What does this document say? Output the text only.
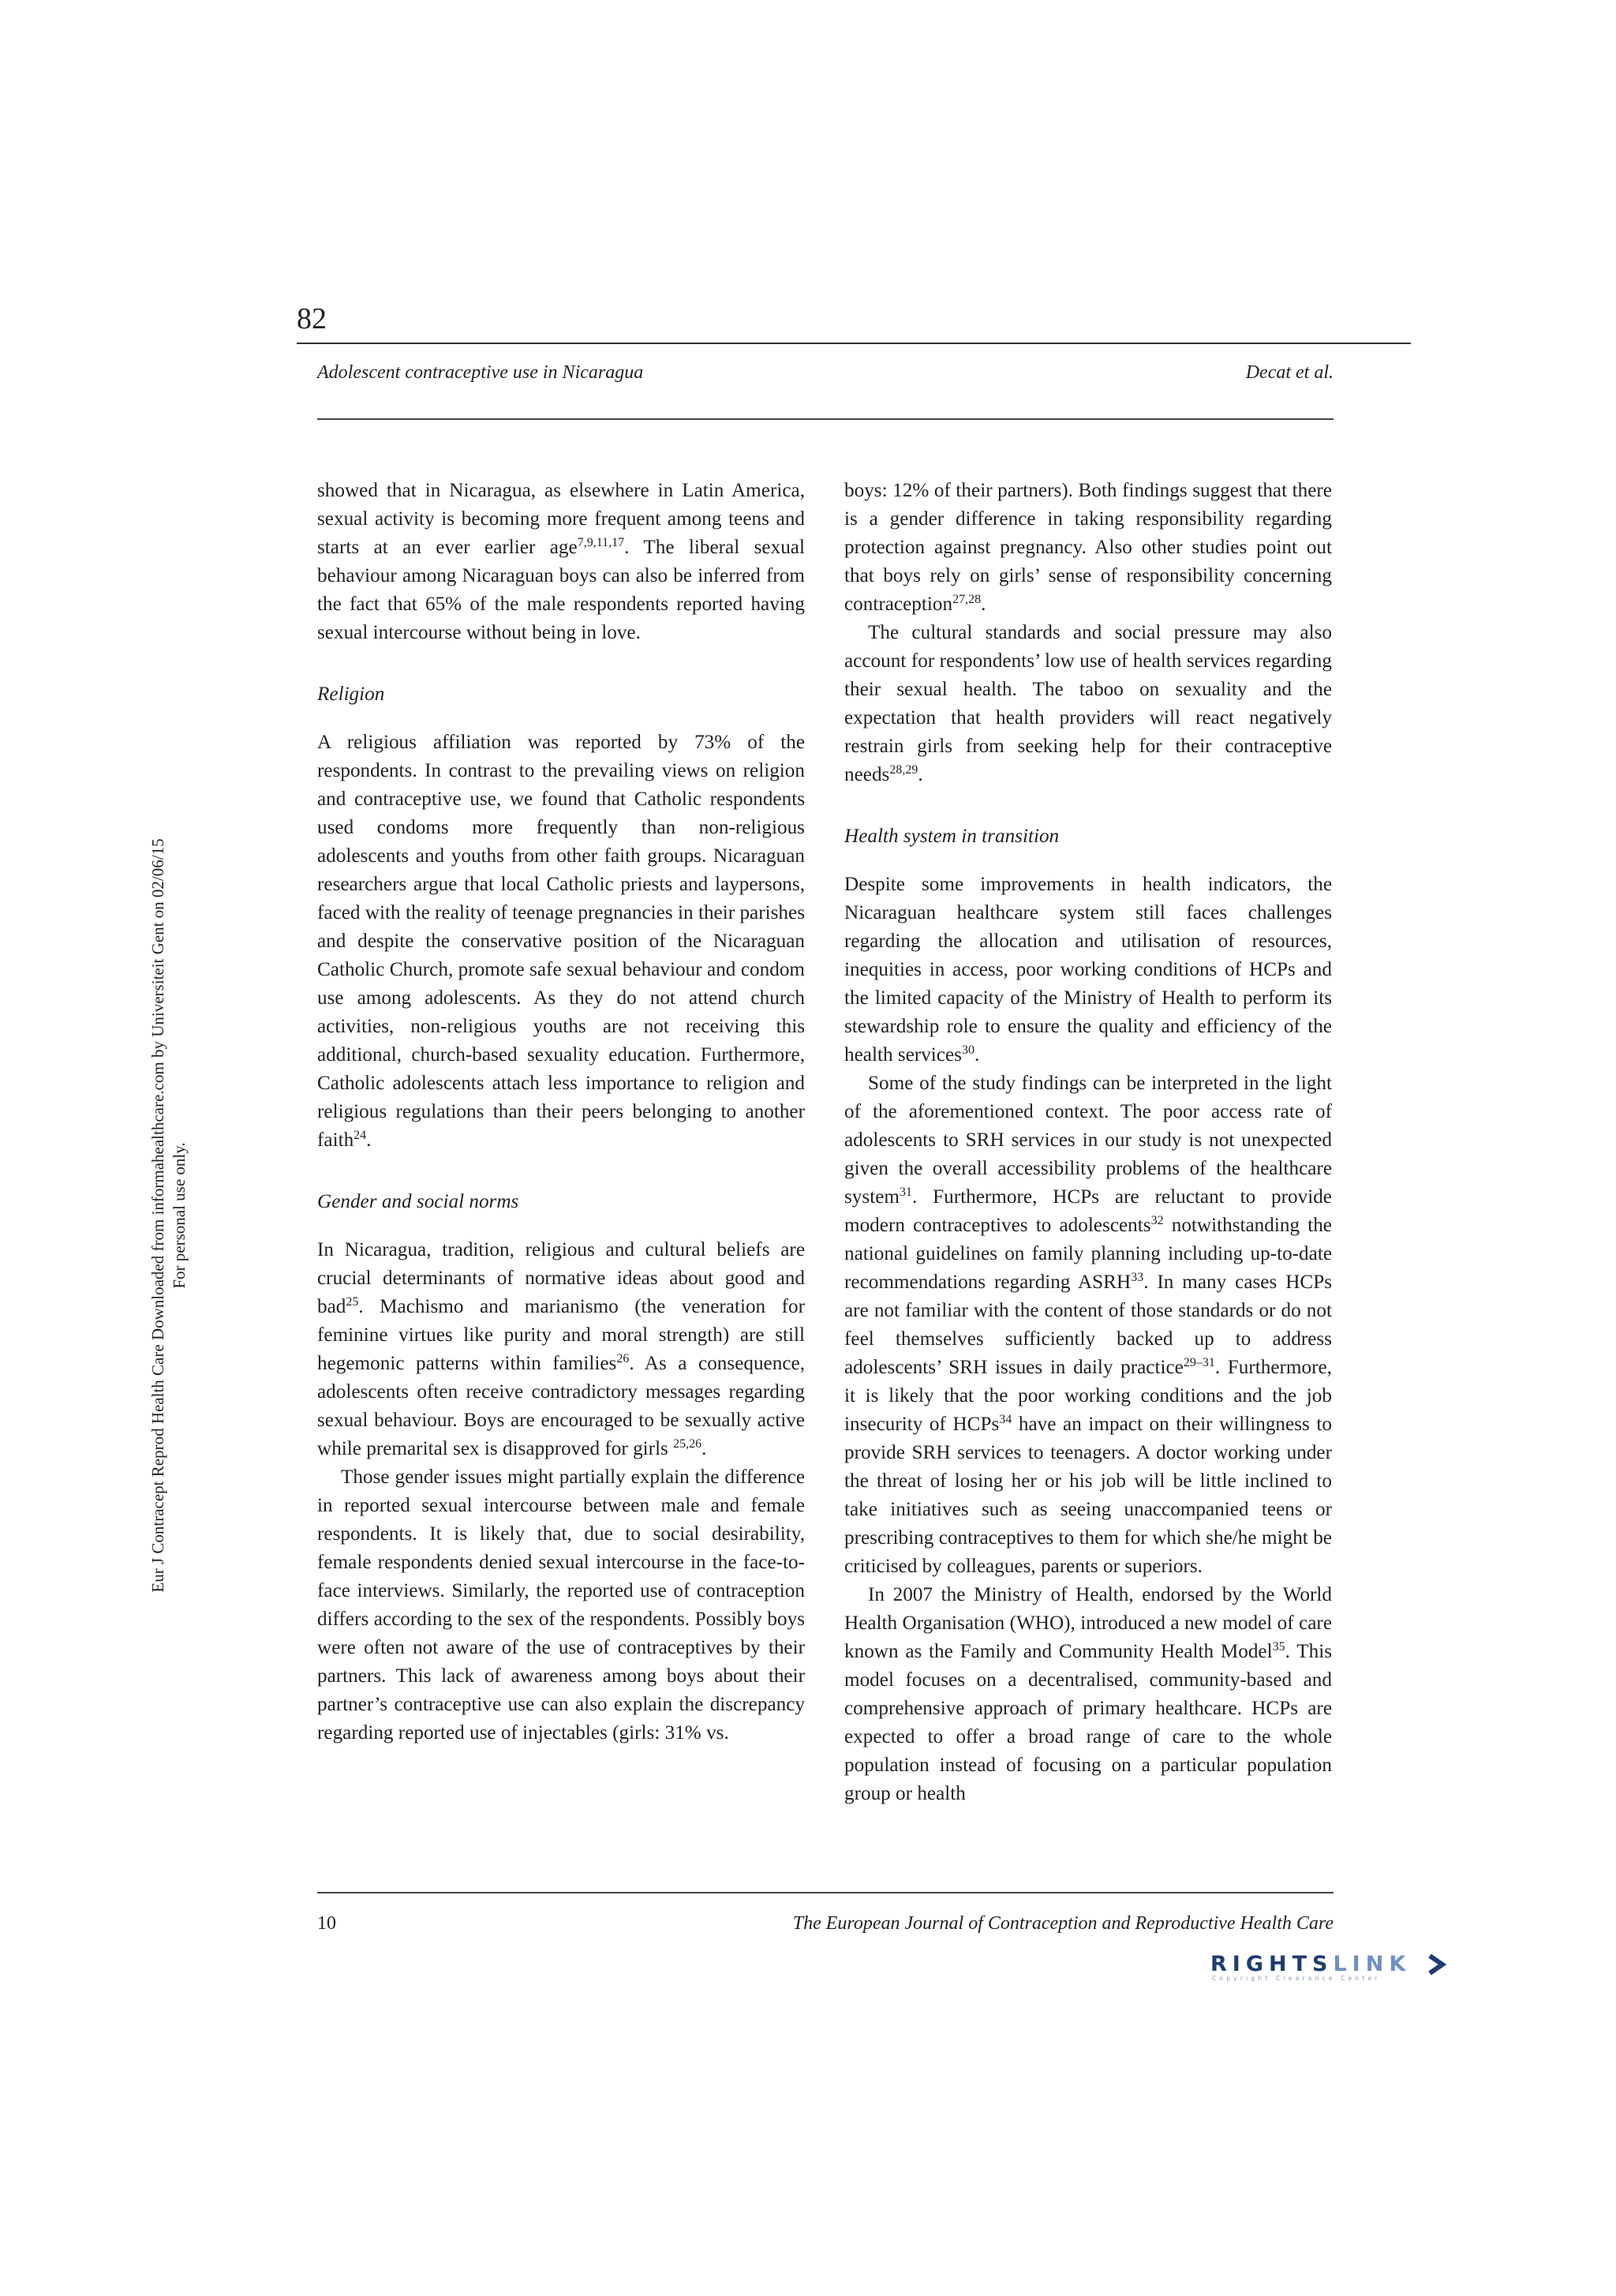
82
Adolescent contraceptive use in Nicaragua	Decat et al.
Eur J Contracept Reprod Health Care Downloaded from informahealthcare.com by Universiteit Gent on 02/06/15 For personal use only.

showed that in Nicaragua, as elsewhere in Latin America, sexual activity is becoming more frequent among teens and starts at an ever earlier age$^{7,9,11,17}$. The liberal sexual behaviour among Nicaraguan boys can also be inferred from the fact that 65% of the male respondents reported having sexual intercourse without being in love.

Religion

A religious affiliation was reported by 73% of the respondents. In contrast to the prevailing views on religion and contraceptive use, we found that Catholic respondents used condoms more frequently than non-religious adolescents and youths from other faith groups. Nicaraguan researchers argue that local Catholic priests and laypersons, faced with the reality of teenage pregnancies in their parishes and despite the conservative position of the Nicaraguan Catholic Church, promote safe sexual behaviour and condom use among adolescents. As they do not attend church activities, non-religious youths are not receiving this additional, church-based sexuality education. Furthermore, Catholic adolescents attach less importance to religion and religious regulations than their peers belonging to another faith$^{24}$.

Gender and social norms

In Nicaragua, tradition, religious and cultural beliefs are crucial determinants of normative ideas about good and bad$^{25}$. Machismo and marianismo (the veneration for feminine virtues like purity and moral strength) are still hegemonic patterns within families$^{26}$. As a consequence, adolescents often receive contradictory messages regarding sexual behaviour. Boys are encouraged to be sexually active while premarital sex is disapproved for girls $^{25,26}$.

Those gender issues might partially explain the difference in reported sexual intercourse between male and female respondents. It is likely that, due to social desirability, female respondents denied sexual intercourse in the face-to-face interviews. Similarly, the reported use of contraception differs according to the sex of the respondents. Possibly boys were often not aware of the use of contraceptives by their partners. This lack of awareness among boys about their partner’s contraceptive use can also explain the discrepancy regarding reported use of injectables (girls: 31% vs.

boys: 12% of their partners). Both findings suggest that there is a gender difference in taking responsibility regarding protection against pregnancy. Also other studies point out that boys rely on girls’ sense of responsibility concerning contraception$^{27,28}$.

The cultural standards and social pressure may also account for respondents’ low use of health services regarding their sexual health. The taboo on sexuality and the expectation that health providers will react negatively restrain girls from seeking help for their contraceptive needs$^{28,29}$.

Health system in transition

Despite some improvements in health indicators, the Nicaraguan healthcare system still faces challenges regarding the allocation and utilisation of resources, inequities in access, poor working conditions of HCPs and the limited capacity of the Ministry of Health to perform its stewardship role to ensure the quality and efficiency of the health services$^{30}$.

Some of the study findings can be interpreted in the light of the aforementioned context. The poor access rate of adolescents to SRH services in our study is not unexpected given the overall accessibility problems of the healthcare system$^{31}$. Furthermore, HCPs are reluctant to provide modern contraceptives to adolescents$^{32}$ notwithstanding the national guidelines on family planning including up-to-date recommendations regarding ASRH$^{33}$. In many cases HCPs are not familiar with the content of those standards or do not feel themselves sufficiently backed up to address adolescents’ SRH issues in daily practice$^{29-31}$. Furthermore, it is likely that the poor working conditions and the job insecurity of HCPs$^{34}$ have an impact on their willingness to provide SRH services to teenagers. A doctor working under the threat of losing her or his job will be little inclined to take initiatives such as seeing unaccompanied teens or prescribing contraceptives to them for which she/he might be criticised by colleagues, parents or superiors.

In 2007 the Ministry of Health, endorsed by the World Health Organisation (WHO), introduced a new model of care known as the Family and Community Health Model$^{35}$. This model focuses on a decentralised, community-based and comprehensive approach of primary healthcare. HCPs are expected to offer a broad range of care to the whole population instead of focusing on a particular population group or health

10	The European Journal of Contraception and Reproductive Health Care
RIGHTSLINK
Copyright Clearance Center
